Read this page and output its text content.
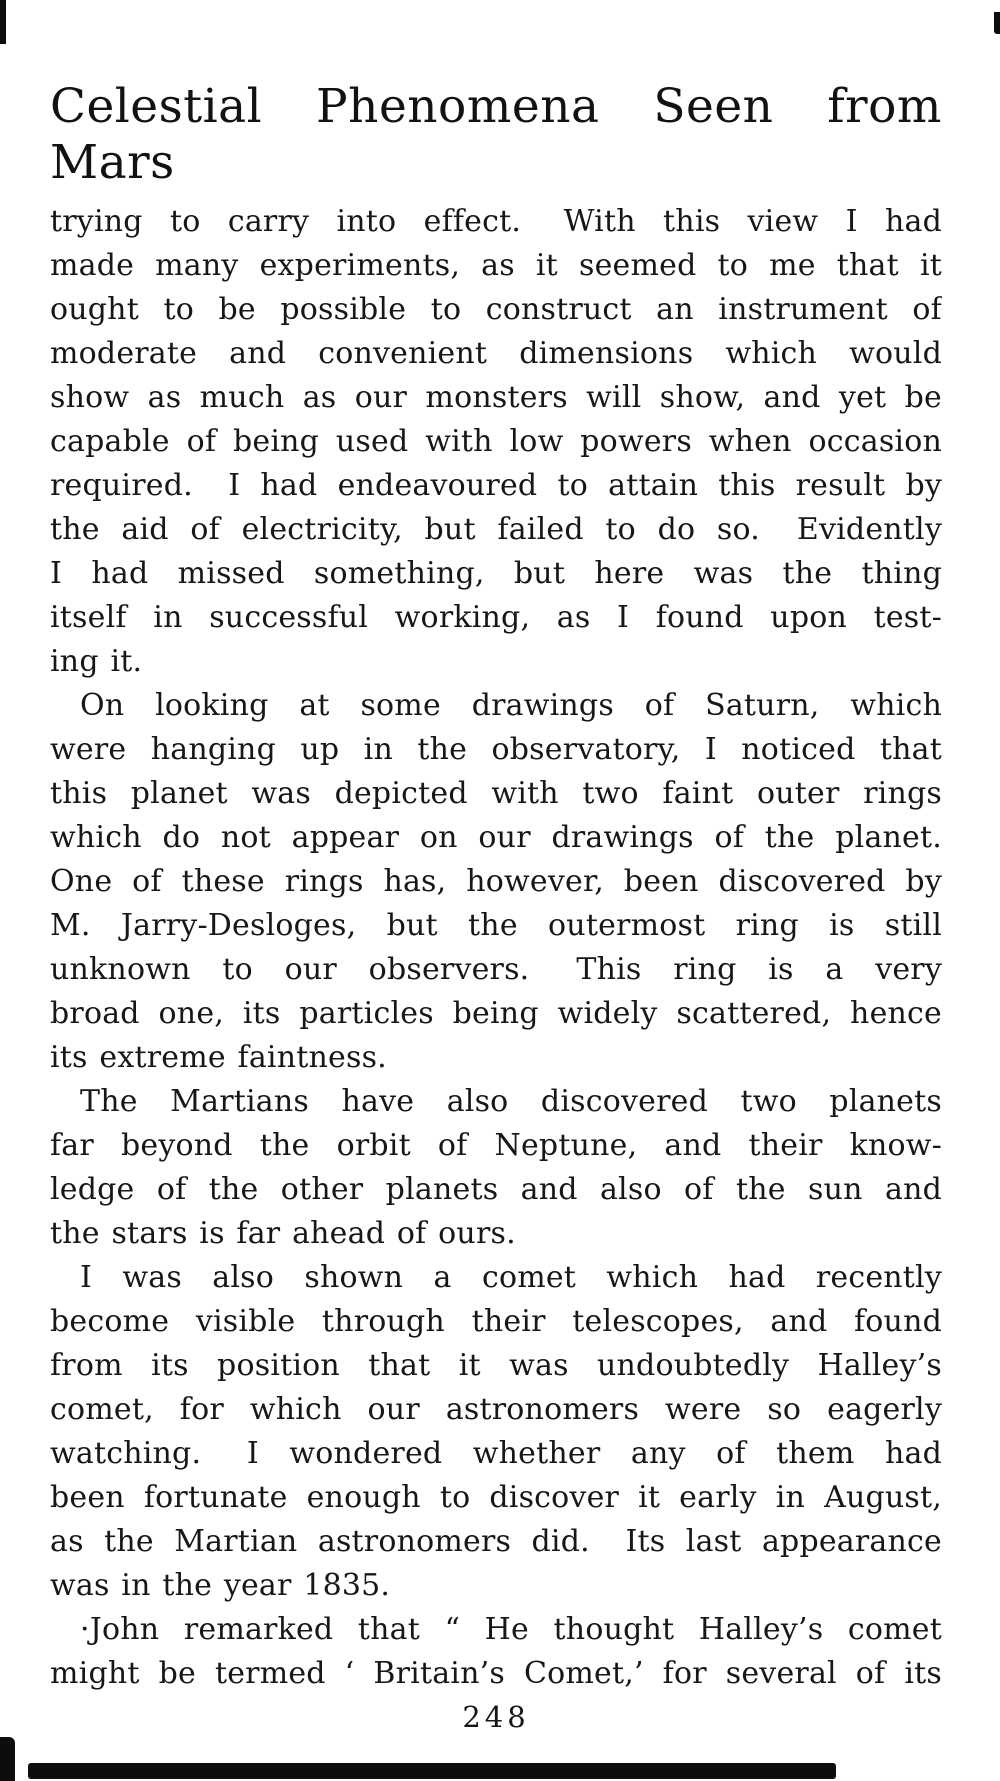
Celestial Phenomena Seen from Mars
trying to carry into effect.  With this view I had
made many experiments, as it seemed to me that it
ought to be possible to construct an instrument of
moderate and convenient dimensions which would
show as much as our monsters will show, and yet be
capable of being used with low powers when occasion
required.  I had endeavoured to attain this result by
the aid of electricity, but failed to do so.  Evidently
I had missed something, but here was the thing
itself in successful working, as I found upon test-
ing it.
On looking at some drawings of Saturn, which
were hanging up in the observatory, I noticed that
this planet was depicted with two faint outer rings
which do not appear on our drawings of the planet.
One of these rings has, however, been discovered by
M. Jarry-Desloges, but the outermost ring is still
unknown to our observers.  This ring is a very
broad one, its particles being widely scattered, hence
its extreme faintness.
The Martians have also discovered two planets
far beyond the orbit of Neptune, and their know-
ledge of the other planets and also of the sun and
the stars is far ahead of ours.
I was also shown a comet which had recently
become visible through their telescopes, and found
from its position that it was undoubtedly Halley’s
comet, for which our astronomers were so eagerly
watching.  I wondered whether any of them had
been fortunate enough to discover it early in August,
as the Martian astronomers did.  Its last appearance
was in the year 1835.
·John remarked that “ He thought Halley’s comet
might be termed ‘ Britain’s Comet,’ for several of its
248
